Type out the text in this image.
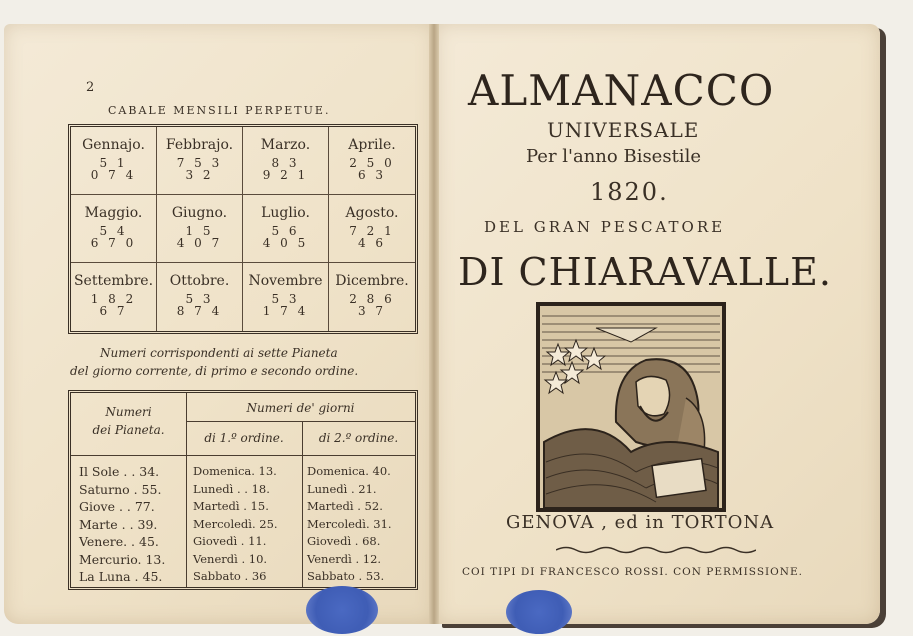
2
CABALE MENSILI PERPETUE.
Gennajo.
5 1
0 7 4
Febbrajo.
7 5 3
3 2
Marzo.
8 3
9 2 1
Aprile.
2 5 0
6 3
Maggio.
5 4
6 7 0
Giugno.
1 5
4 0 7
Luglio.
5 6
4 0 5
Agosto.
7 2 1
4 6
Settembre.
1 8 2
6 7
Ottobre.
5 3
8 7 4
Novembre
5 3
1 7 4
Dicembre.
2 8 6
3 7
Numeri corrispondenti ai sette Pianeta
del giorno corrente, di primo e secondo ordine.
Numeri
dei Pianeta.
Numeri de' giorni
di 1.º ordine.	di 2.º ordine.
Il Sole . . 34.
Saturno . 55.
Giove . . 77.
Marte . . 39.
Venere. . 45.
Mercurio. 13.
La Luna . 45.
Domenica. 13.
Lunedì . . 18.
Martedì . 15.
Mercoledì. 25.
Giovedì . 11.
Venerdì . 10.
Sabbato . 36
Domenica. 40.
Lunedì . 21.
Martedì . 52.
Mercoledì. 31.
Giovedì . 68.
Venerdì . 12.
Sabbato . 53.
ALMANACCO
UNIVERSALE
Per l'anno Bisestile
1820.
DEL GRAN PESCATORE
DI CHIARAVALLE.
GENOVA , ed in TORTONA
COI TIPI DI FRANCESCO ROSSI. CON PERMISSIONE.
